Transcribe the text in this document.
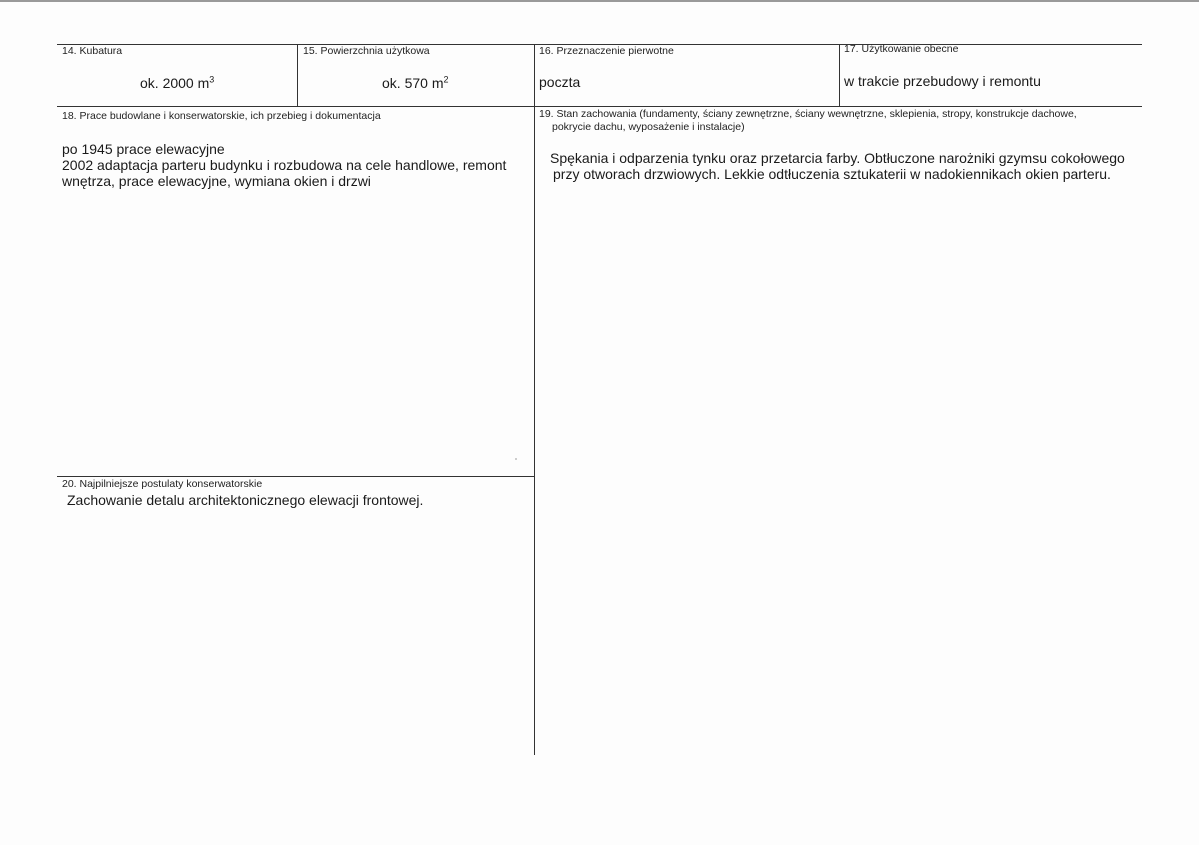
14. Kubatura
ok. 2000 $m^3$
15. Powierzchnia użytkowa
ok. 570 $m^2$
16. Przeznaczenie pierwotne
poczta
17. Użytkowanie obecne
w trakcie przebudowy i remontu
18. Prace budowlane i konserwatorskie, ich przebieg i dokumentacja
po 1945 prace elewacyjne
2002 adaptacja parteru budynku i rozbudowa na cele handlowe, remont
wnętrza, prace elewacyjne, wymiana okien i drzwi
19. Stan zachowania (fundamenty, ściany zewnętrzne, ściany wewnętrzne, sklepienia, stropy, konstrukcje dachowe,
pokrycie dachu, wyposażenie i instalacje)
Spękania i odparzenia tynku oraz przetarcia farby. Obtłuczone narożniki gzymsu cokołowego
przy otworach drzwiowych. Lekkie odtłuczenia sztukaterii w nadokiennikach okien parteru.
20. Najpilniejsze postulaty konserwatorskie
Zachowanie detalu architektonicznego elewacji frontowej.
